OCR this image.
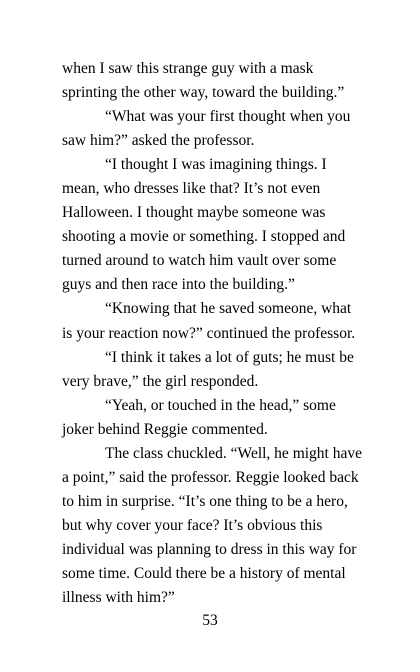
when I saw this strange guy with a mask sprinting the other way, toward the building.”

“What was your first thought when you saw him?” asked the professor.

“I thought I was imagining things. I mean, who dresses like that? It’s not even Halloween. I thought maybe someone was shooting a movie or something. I stopped and turned around to watch him vault over some guys and then race into the building.”

“Knowing that he saved someone, what is your reaction now?” continued the professor.

“I think it takes a lot of guts; he must be very brave,” the girl responded.

“Yeah, or touched in the head,” some joker behind Reggie commented.

The class chuckled. “Well, he might have a point,” said the professor. Reggie looked back to him in surprise. “It’s one thing to be a hero, but why cover your face? It’s obvious this individual was planning to dress in this way for some time. Could there be a history of mental illness with him?”

53
